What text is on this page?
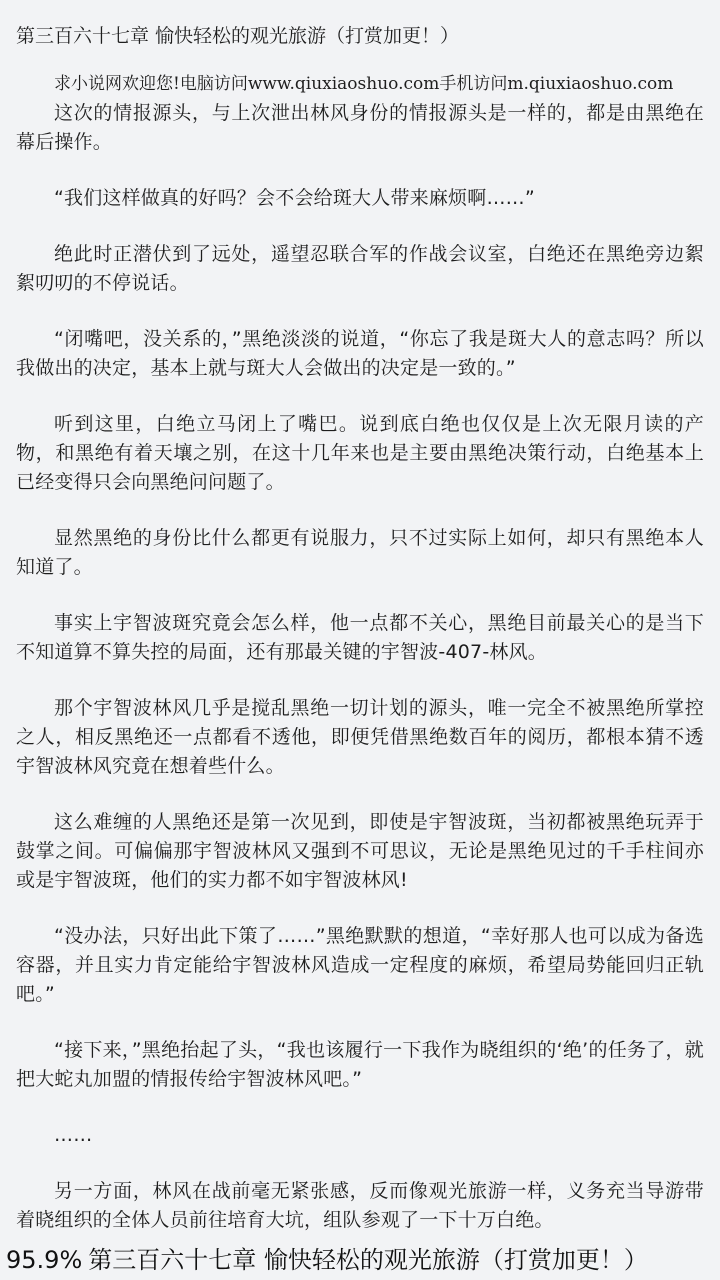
第三百六十七章 愉快轻松的观光旅游（打赏加更！）

求小说网欢迎您!电脑访问www.qiuxiaoshuo.com手机访问m.qiuxiaoshuo.com

这次的情报源头，与上次泄出林风身份的情报源头是一样的，都是由黑绝在幕后操作。

“我们这样做真的好吗？会不会给斑大人带来麻烦啊……”

绝此时正潜伏到了远处，遥望忍联合军的作战会议室，白绝还在黑绝旁边絮絮叨叨的不停说话。

“闭嘴吧，没关系的，”黑绝淡淡的说道，“你忘了我是斑大人的意志吗？所以我做出的决定，基本上就与斑大人会做出的决定是一致的。”

听到这里，白绝立马闭上了嘴巴。说到底白绝也仅仅是上次无限月读的产物，和黑绝有着天壤之别，在这十几年来也是主要由黑绝决策行动，白绝基本上已经变得只会向黑绝问问题了。

显然黑绝的身份比什么都更有说服力，只不过实际上如何，却只有黑绝本人知道了。

事实上宇智波斑究竟会怎么样，他一点都不关心，黑绝目前最关心的是当下不知道算不算失控的局面，还有那最关键的宇智波-407-林风。

那个宇智波林风几乎是搅乱黑绝一切计划的源头，唯一完全不被黑绝所掌控之人，相反黑绝还一点都看不透他，即便凭借黑绝数百年的阅历，都根本猜不透宇智波林风究竟在想着些什么。

这么难缠的人黑绝还是第一次见到，即使是宇智波斑，当初都被黑绝玩弄于鼓掌之间。可偏偏那宇智波林风又强到不可思议，无论是黑绝见过的千手柱间亦或是宇智波斑，他们的实力都不如宇智波林风!

“没办法，只好出此下策了……”黑绝默默的想道，“幸好那人也可以成为备选容器，并且实力肯定能给宇智波林风造成一定程度的麻烦，希望局势能回归正轨吧。”

“接下来，”黑绝抬起了头，“我也该履行一下我作为晓组织的‘绝’的任务了，就把大蛇丸加盟的情报传给宇智波林风吧。”

……

另一方面，林风在战前毫无紧张感，反而像观光旅游一样，义务充当导游带着晓组织的全体人员前往培育大坑，组队参观了一下十万白绝。

95.9% 第三百六十七章 愉快轻松的观光旅游（打赏加更！）
